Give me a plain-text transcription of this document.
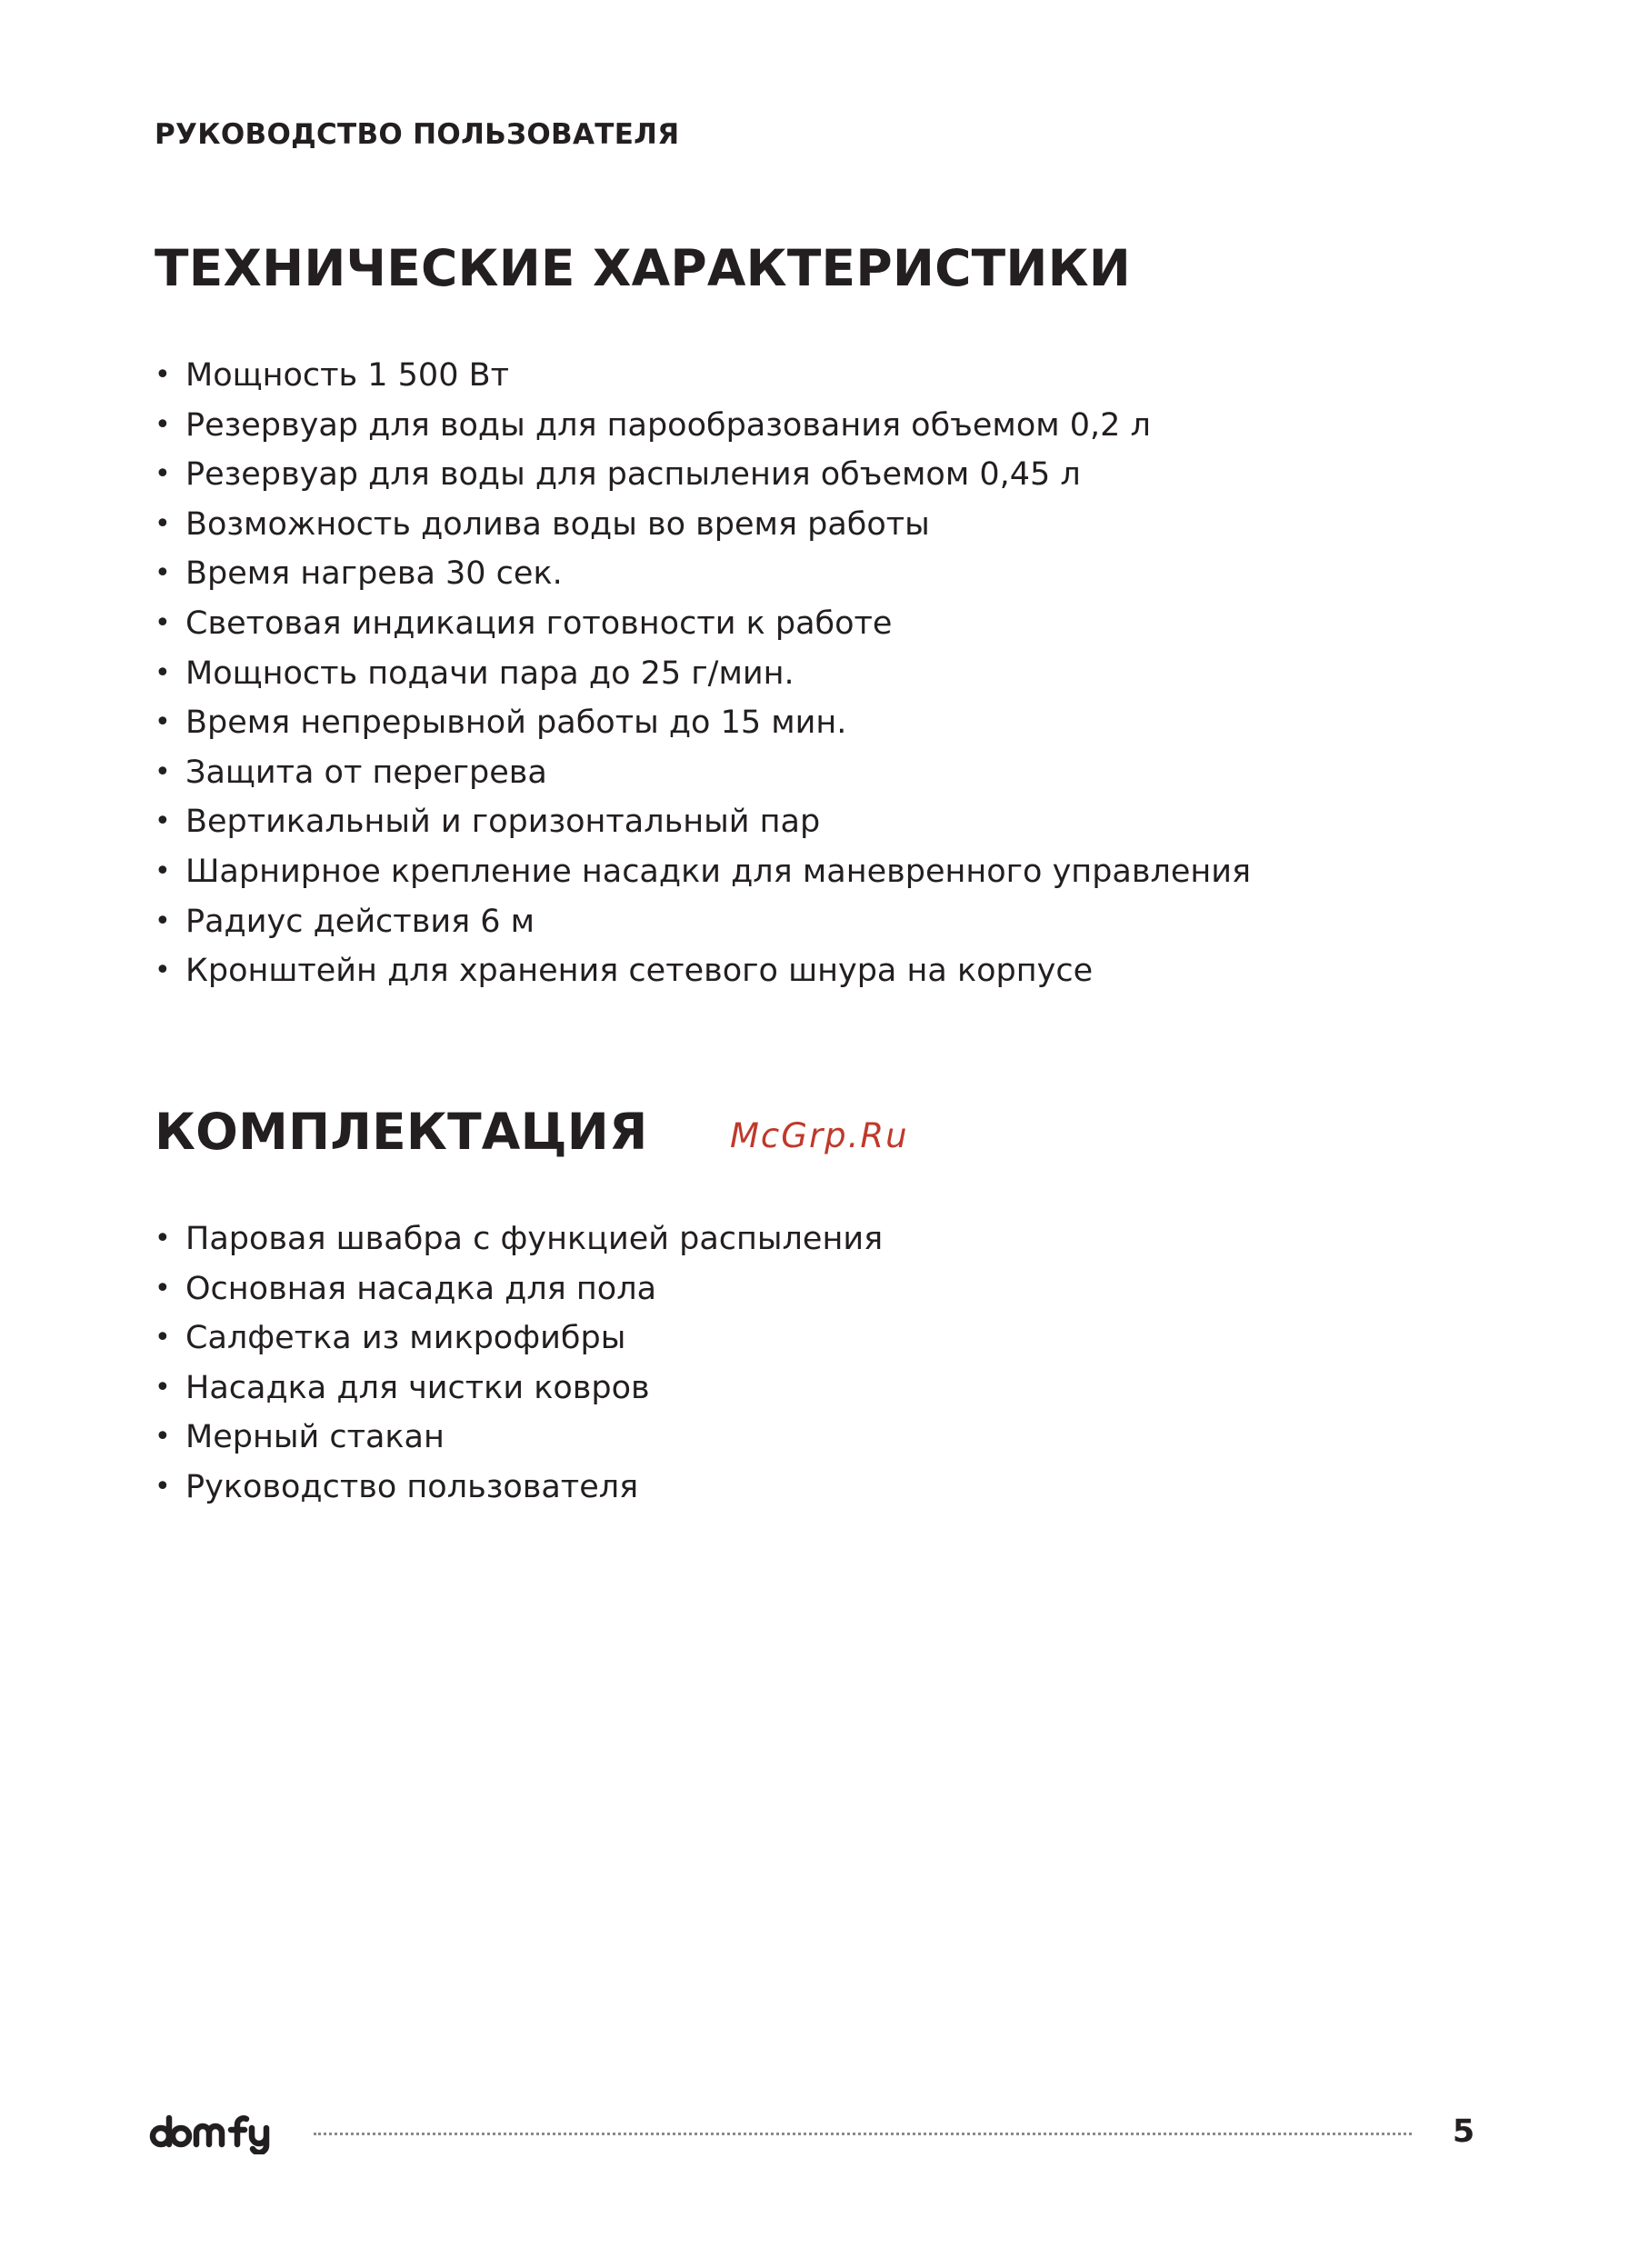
РУКОВОДСТВО ПОЛЬЗОВАТЕЛЯ
ТЕХНИЧЕСКИЕ ХАРАКТЕРИСТИКИ
• Мощность 1 500 Вт
• Резервуар для воды для парообразования объемом 0,2 л
• Резервуар для воды для распыления объемом 0,45 л
• Возможность долива воды во время работы
• Время нагрева 30 сек.
• Световая индикация готовности к работе
• Мощность подачи пара до 25 г/мин.
• Время непрерывной работы до 15 мин.
• Защита от перегрева
• Вертикальный и горизонтальный пар
• Шарнирное крепление насадки для маневренного управления
• Радиус действия 6 м
• Кронштейн для хранения сетевого шнура на корпусе
КОМПЛЕКТАЦИЯ McGrp.Ru
• Паровая швабра с функцией распыления
• Основная насадка для пола
• Салфетка из микрофибры
• Насадка для чистки ковров
• Мерный стакан
• Руководство пользователя
5
